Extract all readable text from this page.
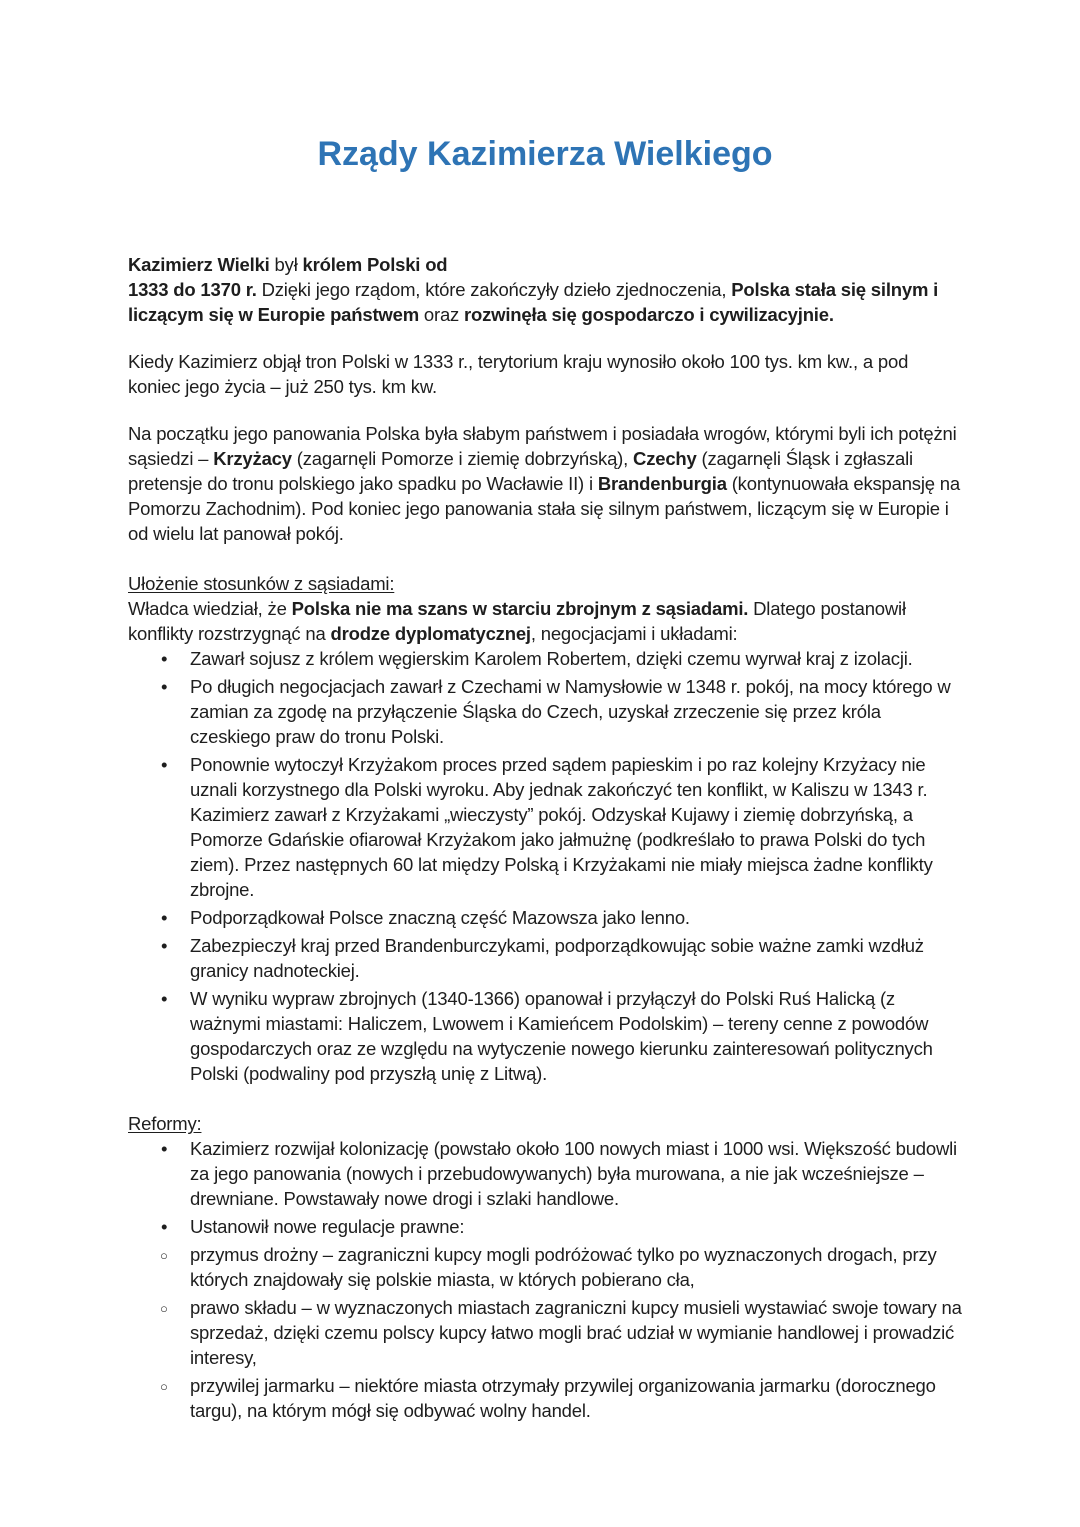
Rządy Kazimierza Wielkiego

Kazimierz Wielki był królem Polski od
1333 do 1370 r. Dzięki jego rządom, które zakończyły dzieło zjednoczenia, Polska stała się silnym i liczącym się w Europie państwem oraz rozwinęła się gospodarczo i cywilizacyjnie.

Kiedy Kazimierz objął tron Polski w 1333 r., terytorium kraju wynosiło około 100 tys. km kw., a pod koniec jego życia – już 250 tys. km kw.

Na początku jego panowania Polska była słabym państwem i posiadała wrogów, którymi byli ich potężni sąsiedzi – Krzyżacy (zagarnęli Pomorze i ziemię dobrzyńską), Czechy (zagarnęli Śląsk i zgłaszali pretensje do tronu polskiego jako spadku po Wacławie II) i Brandenburgia (kontynuowała ekspansję na Pomorzu Zachodnim). Pod koniec jego panowania stała się silnym państwem, liczącym się w Europie i od wielu lat panował pokój.

Ułożenie stosunków z sąsiadami:

Władca wiedział, że Polska nie ma szans w starciu zbrojnym z sąsiadami. Dlatego postanowił konflikty rozstrzygnąć na drodze dyplomatycznej, negocjacjami i układami:

• Zawarł sojusz z królem węgierskim Karolem Robertem, dzięki czemu wyrwał kraj z izolacji.
• Po długich negocjacjach zawarł z Czechami w Namysłowie w 1348 r. pokój, na mocy którego w zamian za zgodę na przyłączenie Śląska do Czech, uzyskał zrzeczenie się przez króla czeskiego praw do tronu Polski.
• Ponownie wytoczył Krzyżakom proces przed sądem papieskim i po raz kolejny Krzyżacy nie uznali korzystnego dla Polski wyroku. Aby jednak zakończyć ten konflikt, w Kaliszu w 1343 r. Kazimierz zawarł z Krzyżakami „wieczysty” pokój. Odzyskał Kujawy i ziemię dobrzyńską, a Pomorze Gdańskie ofiarował Krzyżakom jako jałmużnę (podkreślało to prawa Polski do tych ziem). Przez następnych 60 lat między Polską i Krzyżakami nie miały miejsca żadne konflikty zbrojne.
• Podporządkował Polsce znaczną część Mazowsza jako lenno.
• Zabezpieczył kraj przed Brandenburczykami, podporządkowując sobie ważne zamki wzdłuż granicy nadnoteckiej.
• W wyniku wypraw zbrojnych (1340-1366) opanował i przyłączył do Polski Ruś Halicką (z ważnymi miastami: Haliczem, Lwowem i Kamieńcem Podolskim) – tereny cenne z powodów gospodarczych oraz ze względu na wytyczenie nowego kierunku zainteresowań politycznych Polski (podwaliny pod przyszłą unię z Litwą).
Reformy:
• Kazimierz rozwijał kolonizację (powstało około 100 nowych miast i 1000 wsi. Większość budowli za jego panowania (nowych i przebudowywanych) była murowana, a nie jak wcześniejsze – drewniane. Powstawały nowe drogi i szlaki handlowe.
• Ustanowił nowe regulacje prawne:
○ przymus drożny – zagraniczni kupcy mogli podróżować tylko po wyznaczonych drogach, przy których znajdowały się polskie miasta, w których pobierano cła,
○ prawo składu – w wyznaczonych miastach zagraniczni kupcy musieli wystawiać swoje towary na sprzedaż, dzięki czemu polscy kupcy łatwo mogli brać udział w wymianie handlowej i prowadzić interesy,
○ przywilej jarmarku – niektóre miasta otrzymały przywilej organizowania jarmarku (dorocznego targu), na którym mógł się odbywać wolny handel.
